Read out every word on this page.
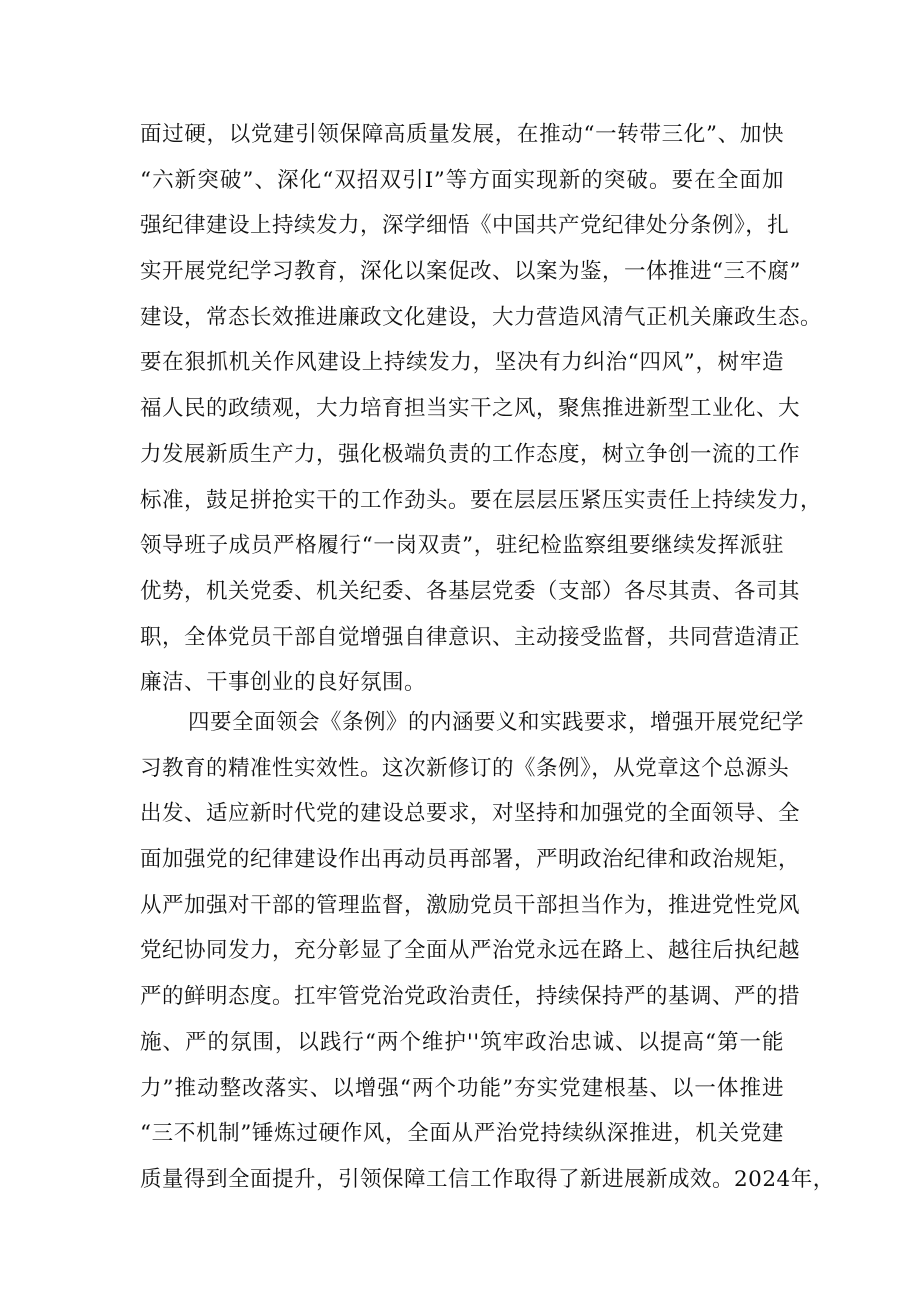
面过硬，以党建引领保障高质量发展，在推动“一转带三化”、加快
“六新突破”、深化“双招双引I”等方面实现新的突破。要在全面加
强纪律建设上持续发力，深学细悟《中国共产党纪律处分条例》，扎
实开展党纪学习教育，深化以案促改、以案为鉴，一体推进“三不腐”
建设，常态长效推进廉政文化建设，大力营造风清气正机关廉政生态。
要在狠抓机关作风建设上持续发力，坚决有力纠治“四风”，树牢造
福人民的政绩观，大力培育担当实干之风，聚焦推进新型工业化、大
力发展新质生产力，强化极端负责的工作态度，树立争创一流的工作
标准，鼓足拼抢实干的工作劲头。要在层层压紧压实责任上持续发力，
领导班子成员严格履行“一岗双责”，驻纪检监察组要继续发挥派驻
优势，机关党委、机关纪委、各基层党委（支部）各尽其责、各司其
职，全体党员干部自觉增强自律意识、主动接受监督，共同营造清正
廉洁、干事创业的良好氛围。
四要全面领会《条例》的内涵要义和实践要求，增强开展党纪学
习教育的精准性实效性。这次新修订的《条例》，从党章这个总源头
出发、适应新时代党的建设总要求，对坚持和加强党的全面领导、全
面加强党的纪律建设作出再动员再部署，严明政治纪律和政治规矩，
从严加强对干部的管理监督，激励党员干部担当作为，推进党性党风
党纪协同发力，充分彰显了全面从严治党永远在路上、越往后执纪越
严的鲜明态度。扛牢管党治党政治责任，持续保持严的基调、严的措
施、严的氛围，以践行“两个维护''筑牢政治忠诚、以提高“第一能
力”推动整改落实、以增强“两个功能”夯实党建根基、以一体推进
“三不机制”锤炼过硬作风，全面从严治党持续纵深推进，机关党建
质量得到全面提升，引领保障工信工作取得了新进展新成效。2024年，
